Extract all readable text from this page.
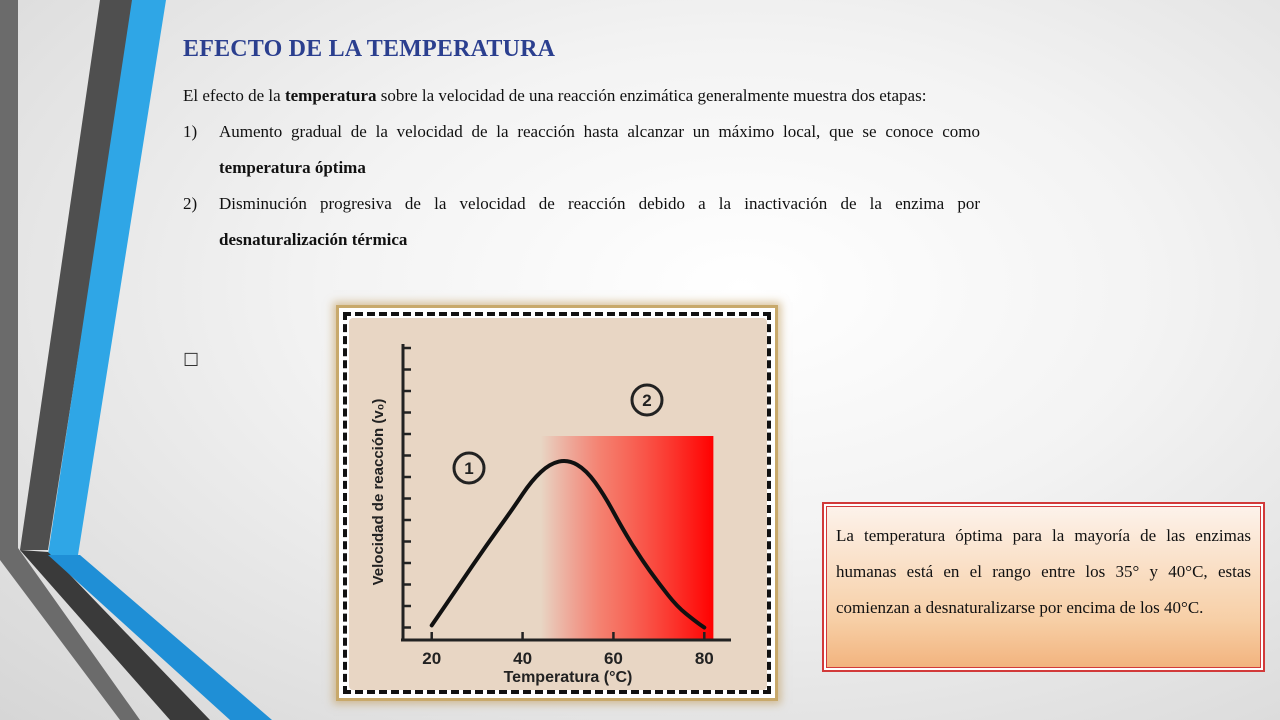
EFECTO DE LA TEMPERATURA

El efecto de la temperatura sobre la velocidad de una reacción enzimática generalmente muestra dos etapas:

1)	Aumento gradual de la velocidad de la reacción hasta alcanzar un máximo local, que se conoce como temperatura óptima
2)	Disminución progresiva de la velocidad de reacción debido a la inactivación de la enzima por desnaturalización térmica
☐
20	40	60	80
Temperatura (°C)
Velocidad de reacción (v₀)	1
2
La temperatura óptima para la mayoría de las enzimas humanas está en el rango entre los 35° y 40°C, estas comienzan a desnaturalizarse por encima de los 40°C.
